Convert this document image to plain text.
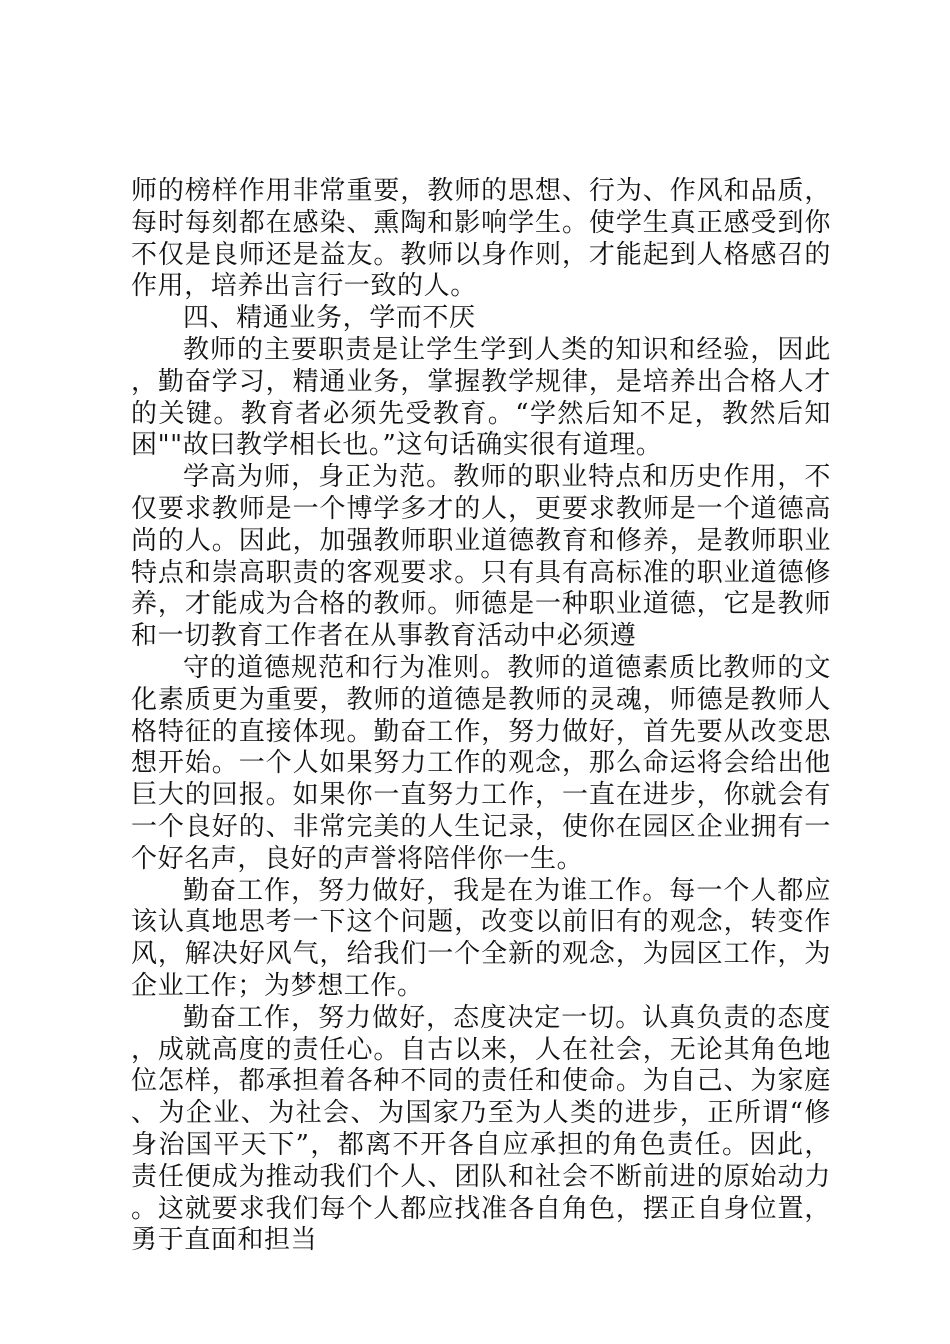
师的榜样作用非常重要，教师的思想、行为、作风和品质，每时每刻都在感染、熏陶和影响学生。使学生真正感受到你不仅是良师还是益友。教师以身作则，才能起到人格感召的作用，培养出言行一致的人。

四、精通业务，学而不厌

教师的主要职责是让学生学到人类的知识和经验，因此，勤奋学习，精通业务，掌握教学规律，是培养出合格人才的关键。教育者必须先受教育。“学然后知不足，教然后知困""故曰教学相长也。”这句话确实很有道理。

学高为师，身正为范。教师的职业特点和历史作用，不仅要求教师是一个博学多才的人，更要求教师是一个道德高尚的人。因此，加强教师职业道德教育和修养，是教师职业特点和崇高职责的客观要求。只有具有高标准的职业道德修养，才能成为合格的教师。师德是一种职业道德，它是教师和一切教育工作者在从事教育活动中必须遵

守的道德规范和行为准则。教师的道德素质比教师的文化素质更为重要，教师的道德是教师的灵魂，师德是教师人格特征的直接体现。勤奋工作，努力做好，首先要从改变思想开始。一个人如果努力工作的观念，那么命运将会给出他巨大的回报。如果你一直努力工作，一直在进步，你就会有一个良好的、非常完美的人生记录，使你在园区企业拥有一个好名声，良好的声誉将陪伴你一生。

勤奋工作，努力做好，我是在为谁工作。每一个人都应该认真地思考一下这个问题，改变以前旧有的观念，转变作风，解决好风气，给我们一个全新的观念，为园区工作，为企业工作；为梦想工作。

勤奋工作，努力做好，态度决定一切。认真负责的态度，成就高度的责任心。自古以来，人在社会，无论其角色地位怎样，都承担着各种不同的责任和使命。为自己、为家庭、为企业、为社会、为国家乃至为人类的进步，正所谓“修身治国平天下”，都离不开各自应承担的角色责任。因此，责任便成为推动我们个人、团队和社会不断前进的原始动力。这就要求我们每个人都应找准各自角色，摆正自身位置，勇于直面和担当
